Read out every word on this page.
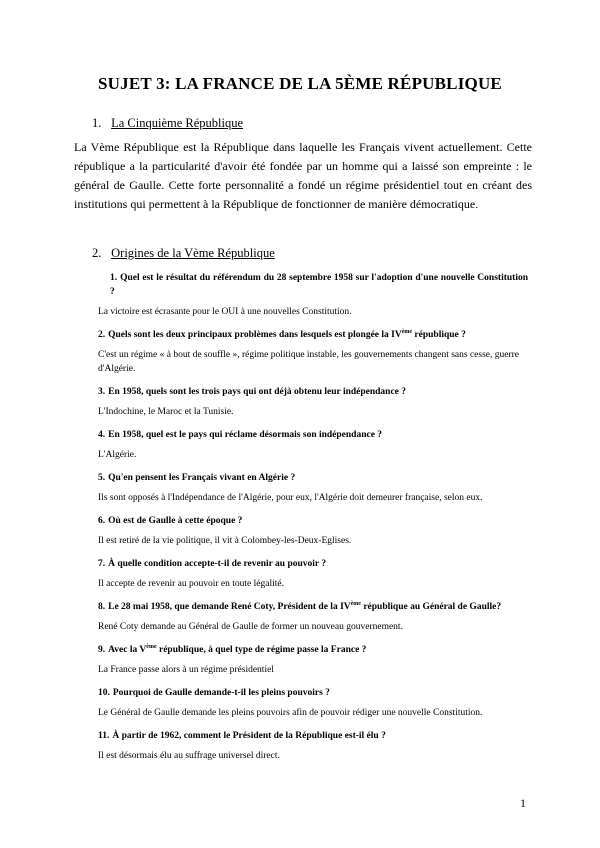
SUJET 3: LA FRANCE DE LA 5ÈME RÉPUBLIQUE
1. La Cinquième République
La Vème République est la République dans laquelle les Français vivent actuellement. Cette république a la particularité d'avoir été fondée par un homme qui a laissé son empreinte : le général de Gaulle. Cette forte personnalité a fondé un régime présidentiel tout en créant des institutions qui permettent à la République de fonctionner de manière démocratique.
2. Origines de la Vème République
1. Quel est le résultat du référendum du 28 septembre 1958 sur l'adoption d'une nouvelle Constitution ?
La victoire est écrasante pour le OUI à une nouvelles Constitution.
2. Quels sont les deux principaux problèmes dans lesquels est plongée la IVème république ?
C'est un régime « à bout de souffle », régime politique instable, les gouvernements changent sans cesse, guerre d'Algérie.
3. En 1958, quels sont les trois pays qui ont déjà obtenu leur indépendance ?
L'Indochine, le Maroc et la Tunisie.
4. En 1958, quel est le pays qui réclame désormais son indépendance ?
L'Algérie.
5. Qu'en pensent les Français vivant en Algérie ?
Ils sont opposés à l'Indépendance de l'Algérie, pour eux, l'Algérie doit demeurer française, selon eux.
6. Où est de Gaulle à cette époque ?
Il est retiré de la vie politique, il vit à Colombey-les-Deux-Eglises.
7. À quelle condition accepte-t-il de revenir au pouvoir ?
Il accepte de revenir au pouvoir en toute légalité.
8. Le 28 mai 1958, que demande René Coty, Président de la IVème république au Général de Gaulle?
René Coty demande au Général de Gaulle de former un nouveau gouvernement.
9. Avec la Vème république, à quel type de régime passe la France ?
La France passe alors à un régime présidentiel
10. Pourquoi de Gaulle demande-t-il les pleins pouvoirs ?
Le Général de Gaulle demande les pleins pouvoirs afin de pouvoir rédiger une nouvelle Constitution.
11. À partir de 1962, comment le Président de la République est-il élu ?
Il est désormais élu au suffrage universel direct.
1
